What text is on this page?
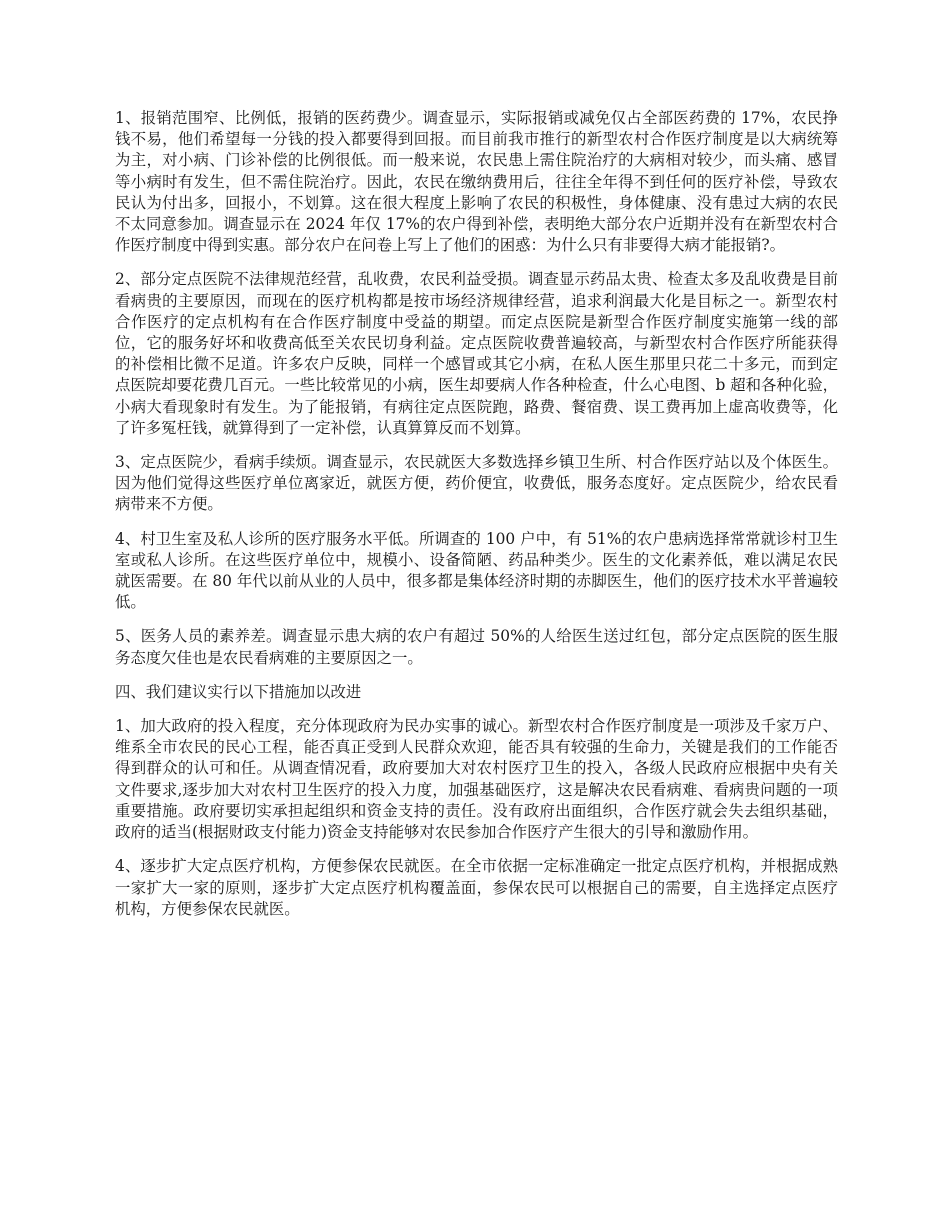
1、报销范围窄、比例低，报销的医药费少。调查显示，实际报销或减免仅占全部医药费的 17%，农民挣钱不易，他们希望每一分钱的投入都要得到回报。而目前我市推行的新型农村合作医疗制度是以大病统筹为主，对小病、门诊补偿的比例很低。而一般来说，农民患上需住院治疗的大病相对较少，而头痛、感冒等小病时有发生，但不需住院治疗。因此，农民在缴纳费用后，往往全年得不到任何的医疗补偿，导致农民认为付出多，回报小，不划算。这在很大程度上影响了农民的积极性，身体健康、没有患过大病的农民不太同意参加。调查显示在 2024 年仅 17%的农户得到补偿，表明绝大部分农户近期并没有在新型农村合作医疗制度中得到实惠。部分农户在问卷上写上了他们的困惑：为什么只有非要得大病才能报销?。

2、部分定点医院不法律规范经营，乱收费，农民利益受损。调查显示药品太贵、检查太多及乱收费是目前看病贵的主要原因，而现在的医疗机构都是按市场经济规律经营，追求利润最大化是目标之一。新型农村合作医疗的定点机构有在合作医疗制度中受益的期望。而定点医院是新型合作医疗制度实施第一线的部位，它的服务好坏和收费高低至关农民切身利益。定点医院收费普遍较高，与新型农村合作医疗所能获得的补偿相比微不足道。许多农户反映，同样一个感冒或其它小病，在私人医生那里只花二十多元，而到定点医院却要花费几百元。一些比较常见的小病，医生却要病人作各种检查，什么心电图、b 超和各种化验，小病大看现象时有发生。为了能报销，有病往定点医院跑，路费、餐宿费、误工费再加上虚高收费等，化了许多冤枉钱，就算得到了一定补偿，认真算算反而不划算。

3、定点医院少，看病手续烦。调查显示，农民就医大多数选择乡镇卫生所、村合作医疗站以及个体医生。因为他们觉得这些医疗单位离家近，就医方便，药价便宜，收费低，服务态度好。定点医院少，给农民看病带来不方便。

4、村卫生室及私人诊所的医疗服务水平低。所调查的 100 户中，有 51%的农户患病选择常常就诊村卫生室或私人诊所。在这些医疗单位中，规模小、设备简陋、药品种类少。医生的文化素养低，难以满足农民就医需要。在 80 年代以前从业的人员中，很多都是集体经济时期的赤脚医生，他们的医疗技术水平普遍较低。

5、医务人员的素养差。调查显示患大病的农户有超过 50%的人给医生送过红包，部分定点医院的医生服务态度欠佳也是农民看病难的主要原因之一。

四、我们建议实行以下措施加以改进

1、加大政府的投入程度，充分体现政府为民办实事的诚心。新型农村合作医疗制度是一项涉及千家万户、维系全市农民的民心工程，能否真正受到人民群众欢迎，能否具有较强的生命力，关键是我们的工作能否得到群众的认可和任。从调查情况看，政府要加大对农村医疗卫生的投入，各级人民政府应根据中央有关文件要求,逐步加大对农村卫生医疗的投入力度，加强基础医疗，这是解决农民看病难、看病贵问题的一项重要措施。政府要切实承担起组织和资金支持的责任。没有政府出面组织，合作医疗就会失去组织基础，政府的适当(根据财政支付能力)资金支持能够对农民参加合作医疗产生很大的引导和激励作用。

4、逐步扩大定点医疗机构，方便参保农民就医。在全市依据一定标准确定一批定点医疗机构，并根据成熟一家扩大一家的原则，逐步扩大定点医疗机构覆盖面，参保农民可以根据自己的需要，自主选择定点医疗机构，方便参保农民就医。
